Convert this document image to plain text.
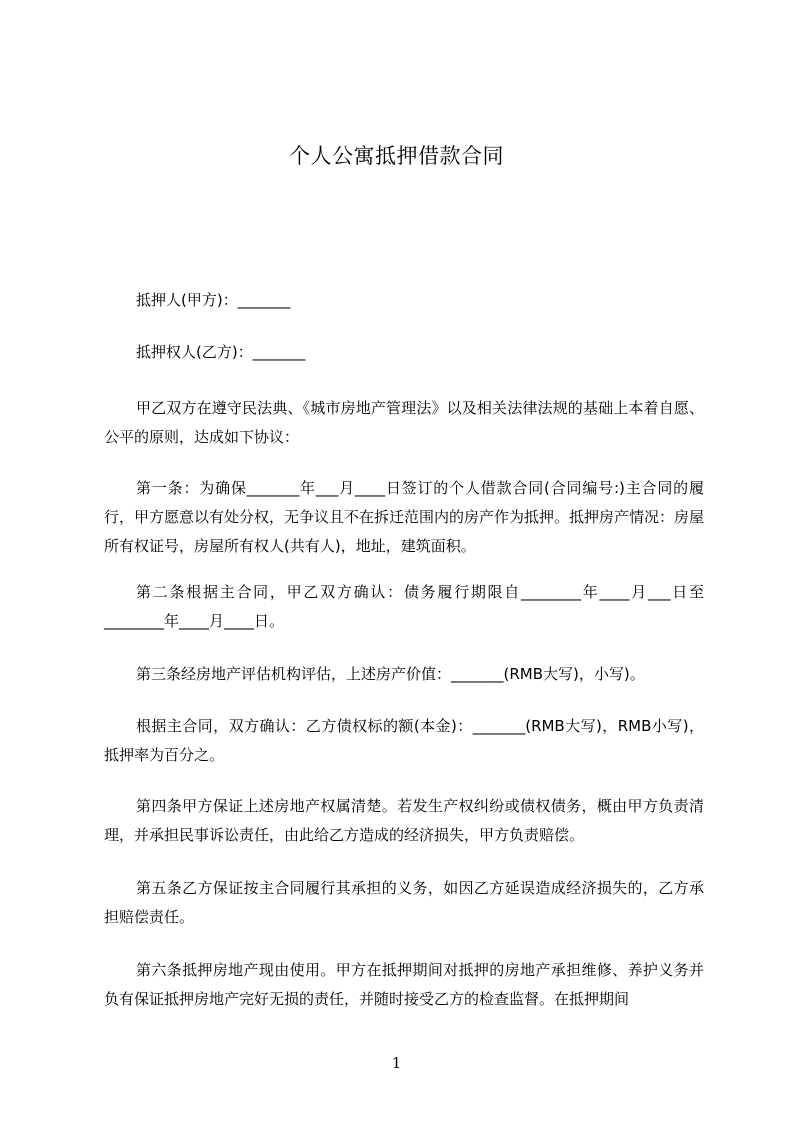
个人公寓抵押借款合同
抵押人(甲方)：_______
抵押权人(乙方)：_______
甲乙双方在遵守民法典、《城市房地产管理法》以及相关法律法规的基础上本着自愿、公平的原则，达成如下协议：
第一条：为确保_______年___月____日签订的个人借款合同(合同编号:)主合同的履行，甲方愿意以有处分权，无争议且不在拆迁范围内的房产作为抵押。抵押房产情况：房屋所有权证号，房屋所有权人(共有人)，地址，建筑面积。
第二条根据主合同，甲乙双方确认：债务履行期限自________年____月___日至________年____月____日。
第三条经房地产评估机构评估，上述房产价值：_______(RMB大写)，小写)。
根据主合同，双方确认：乙方债权标的额(本金)：_______(RMB大写)，RMB小写)，抵押率为百分之。
第四条甲方保证上述房地产权属清楚。若发生产权纠纷或债权债务，概由甲方负责清理，并承担民事诉讼责任，由此给乙方造成的经济损失，甲方负责赔偿。
第五条乙方保证按主合同履行其承担的义务，如因乙方延误造成经济损失的，乙方承担赔偿责任。
第六条抵押房地产现由使用。甲方在抵押期间对抵押的房地产承担维修、养护义务并负有保证抵押房地产完好无损的责任，并随时接受乙方的检查监督。在抵押期间
1
